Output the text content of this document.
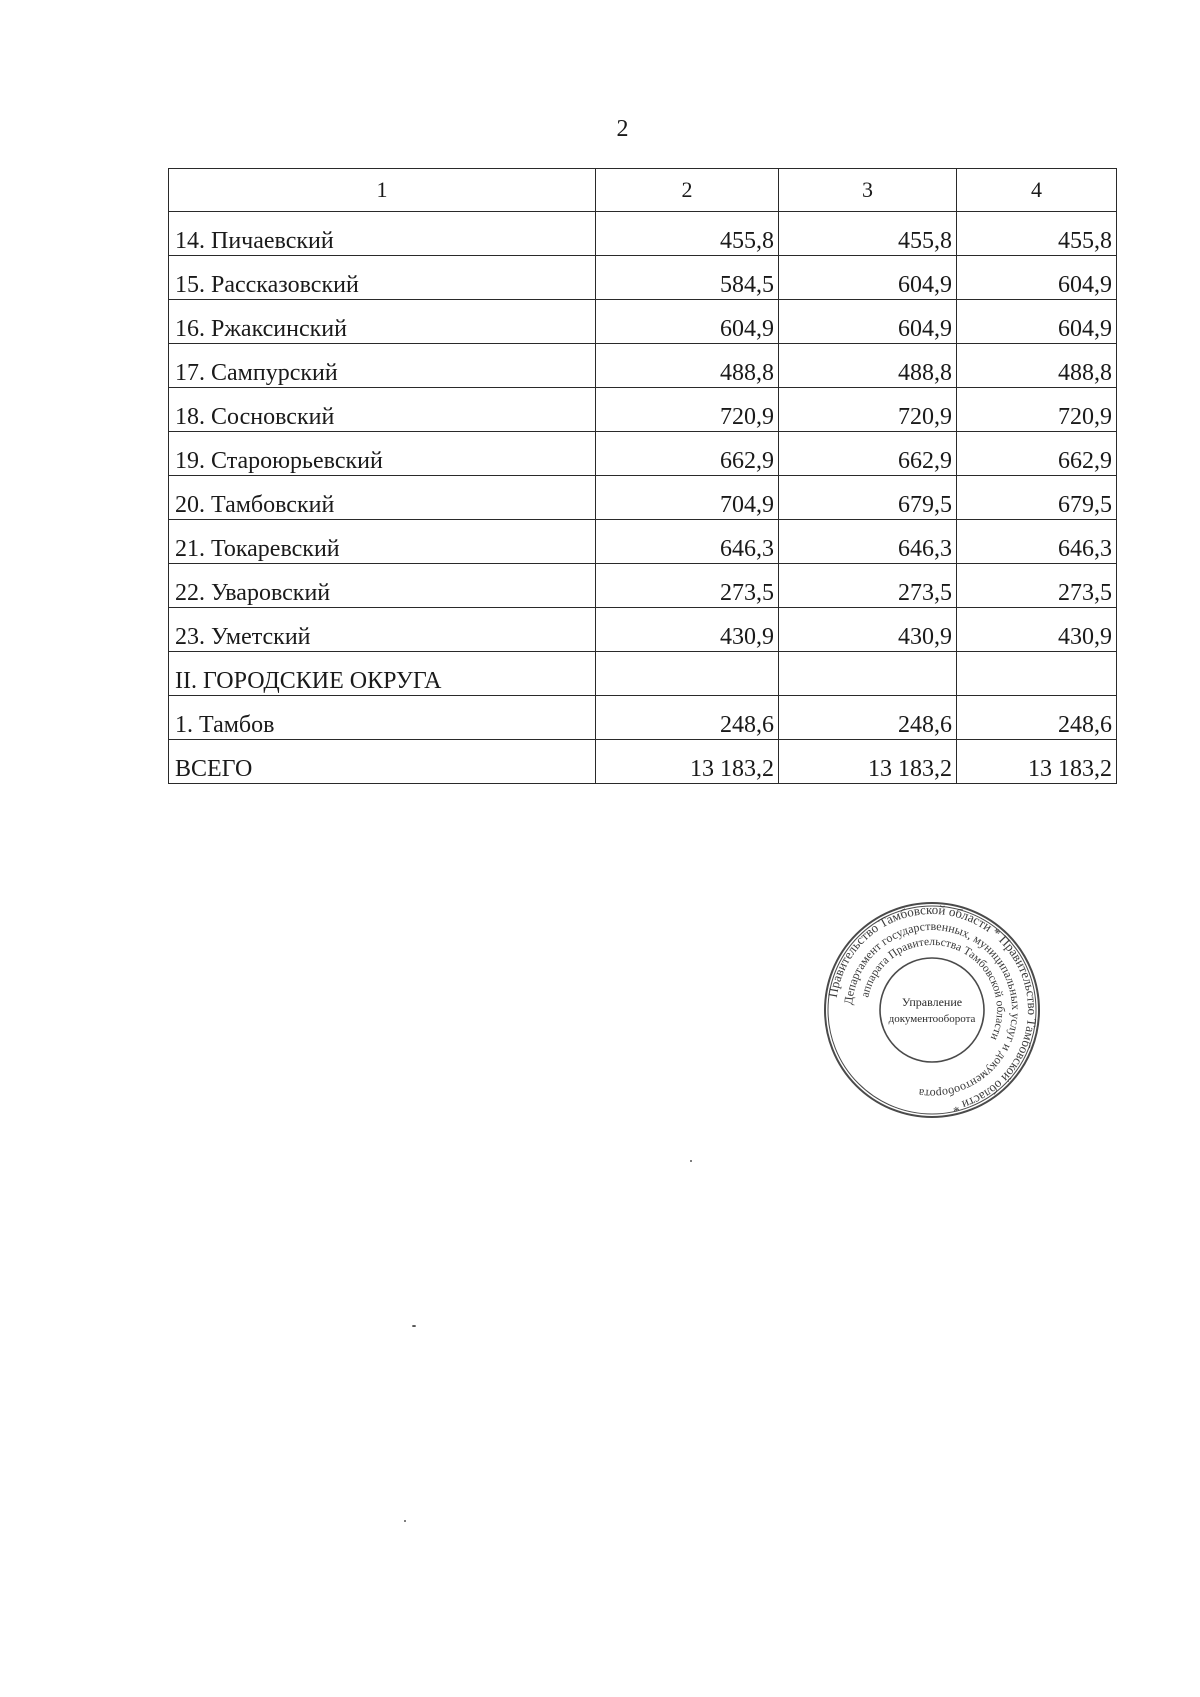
2
1	2	3	4
14. Пичаевский	455,8	455,8	455,8
15. Рассказовский	584,5	604,9	604,9
16. Ржаксинский	604,9	604,9	604,9
17. Сампурский	488,8	488,8	488,8
18. Сосновский	720,9	720,9	720,9
19. Староюрьевский	662,9	662,9	662,9
20. Тамбовский	704,9	679,5	679,5
21. Токаревский	646,3	646,3	646,3
22. Уваровский	273,5	273,5	273,5
23. Уметский	430,9	430,9	430,9
II. ГОРОДСКИЕ ОКРУГА			
1. Тамбов	248,6	248,6	248,6
ВСЕГО	13 183,2	13 183,2	13 183,2
Правительство Тамбовской области * Правительство Тамбовской области *
Департамент государственных, муниципальных услуг и документооборота
аппарата Правительства Тамбовской области
Управление
документооборота
